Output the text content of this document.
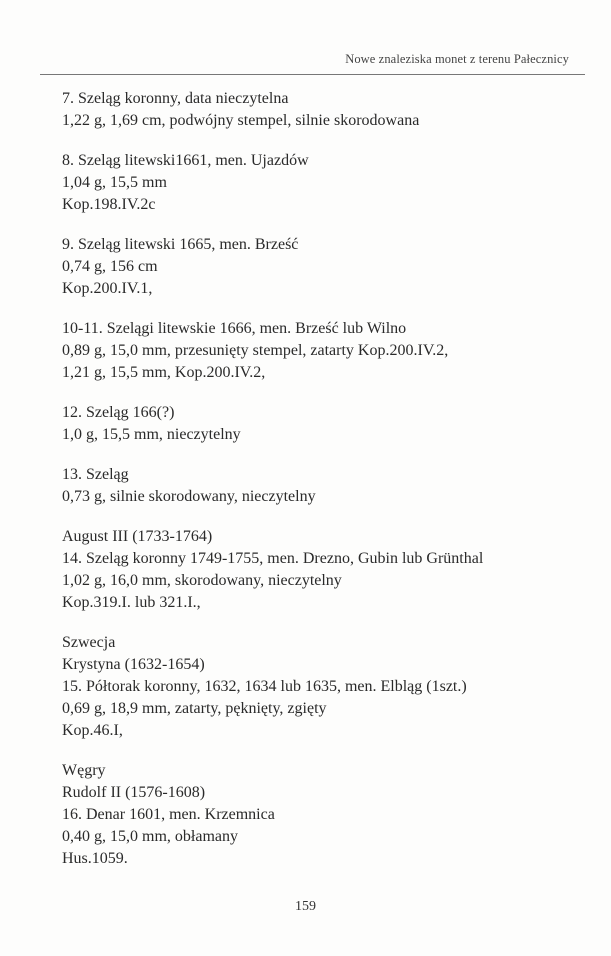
Nowe znaleziska monet z terenu Pałecznicy
7. Szeląg koronny, data nieczytelna
1,22 g, 1,69 cm, podwójny stempel, silnie skorodowana
8. Szeląg litewski1661, men. Ujazdów
1,04 g, 15,5 mm
Kop.198.IV.2c
9. Szeląg litewski 1665, men. Brześć
0,74 g, 156 cm
Kop.200.IV.1,
10-11. Szelągi litewskie 1666, men. Brześć lub Wilno
0,89 g, 15,0 mm, przesunięty stempel, zatarty Kop.200.IV.2,
1,21 g, 15,5 mm, Kop.200.IV.2,
12. Szeląg 166(?)
1,0 g, 15,5 mm, nieczytelny
13. Szeląg
0,73 g, silnie skorodowany, nieczytelny
August III (1733-1764)
14. Szeląg koronny 1749-1755, men. Drezno, Gubin lub Grünthal
1,02 g, 16,0 mm, skorodowany, nieczytelny
Kop.319.I. lub 321.I.,
Szwecja
Krystyna (1632-1654)
15. Półtorak koronny, 1632, 1634 lub 1635, men. Elbląg (1szt.)
0,69 g, 18,9 mm, zatarty, pęknięty, zgięty
Kop.46.I,
Węgry
Rudolf II (1576-1608)
16. Denar 1601, men. Krzemnica
0,40 g, 15,0 mm, obłamany
Hus.1059.
159
